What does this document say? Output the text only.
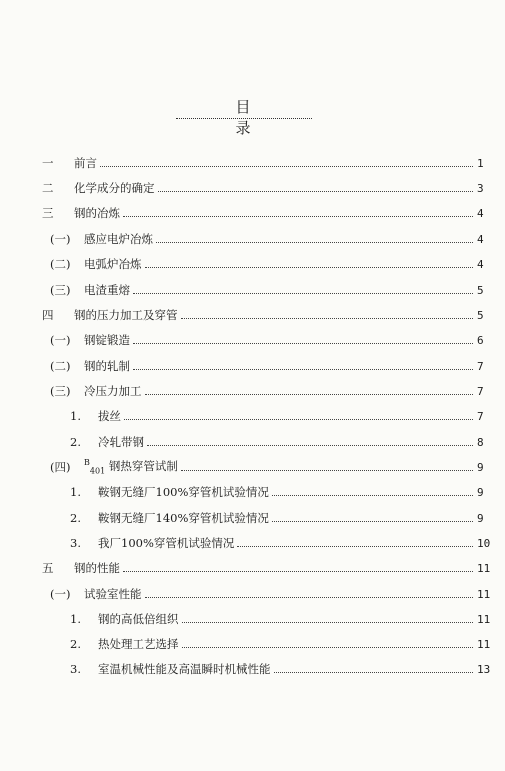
目 录
一	前言	1
二	化学成分的确定	3
三	钢的冶炼	4
(一)	感应电炉冶炼	4
(二)	电弧炉冶炼	4
(三)	电渣重熔	5
四	钢的压力加工及穿管	5
(一)	钢锭锻造	6
(二)	钢的轧制	7
(三)	冷压力加工	7
1.	拔丝	7
2.	冷轧带钢	8
(四)	$^B_{401}$ 钢热穿管试制	9
1.	鞍钢无缝厂100%穿管机试验情况	9
2.	鞍钢无缝厂140%穿管机试验情况	9
3.	我厂100%穿管机试验情况	10
五	钢的性能	11
(一)	试验室性能	11
1.	钢的高低倍组织	11
2.	热处理工艺选择	11
3.	室温机械性能及高温瞬时机械性能	13
